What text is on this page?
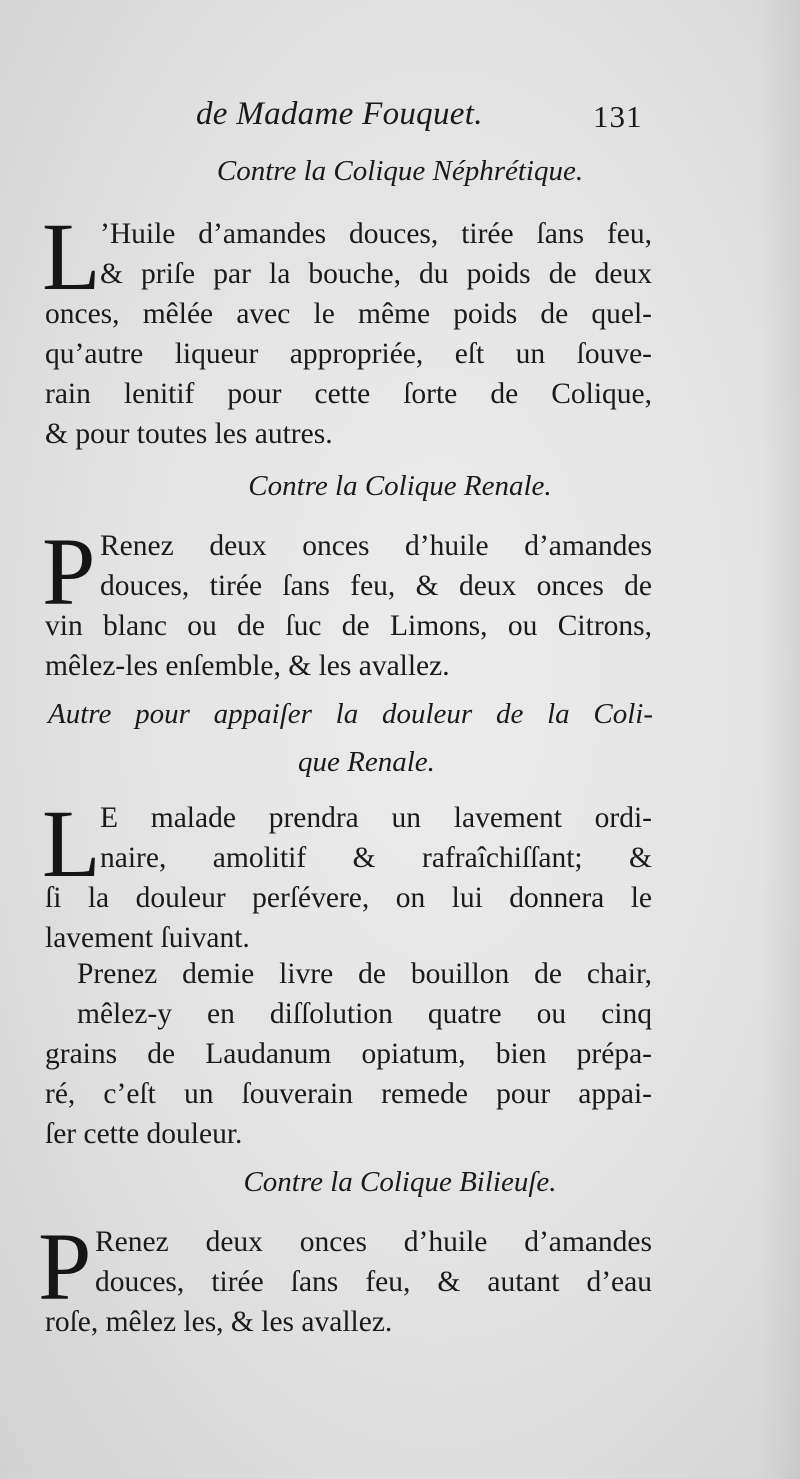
de Madame Fouquet.	131
Contre la Colique Néphrétique.
L ’Huile d’amandes douces, tirée ſans feu,
& priſe par la bouche, du poids de deux
onces, mêlée avec le même poids de quel-
qu’autre liqueur appropriée, eſt un ſouve-
rain lenitif pour cette ſorte de Colique,
& pour toutes les autres.
Contre la Colique Renale.
P Renez deux onces d’huile d’amandes
douces, tirée ſans feu, & deux onces de
vin blanc ou de ſuc de Limons, ou Citrons,
mêlez-les enſemble, & les avallez.
Autre pour appaiſer la douleur de la Coli-
que Renale.
L E malade prendra un lavement ordi-
naire, amolitif & rafraîchiſſant; &
ſi la douleur perſévere, on lui donnera le
lavement ſuivant.
Prenez demie livre de bouillon de chair,
mêlez-y en diſſolution quatre ou cinq
grains de Laudanum opiatum, bien prépa-
ré, c’eſt un ſouverain remede pour appai-
ſer cette douleur.
Contre la Colique Bilieuſe.
P Renez deux onces d’huile d’amandes
douces, tirée ſans feu, & autant d’eau
roſe, mêlez les, & les avallez.
